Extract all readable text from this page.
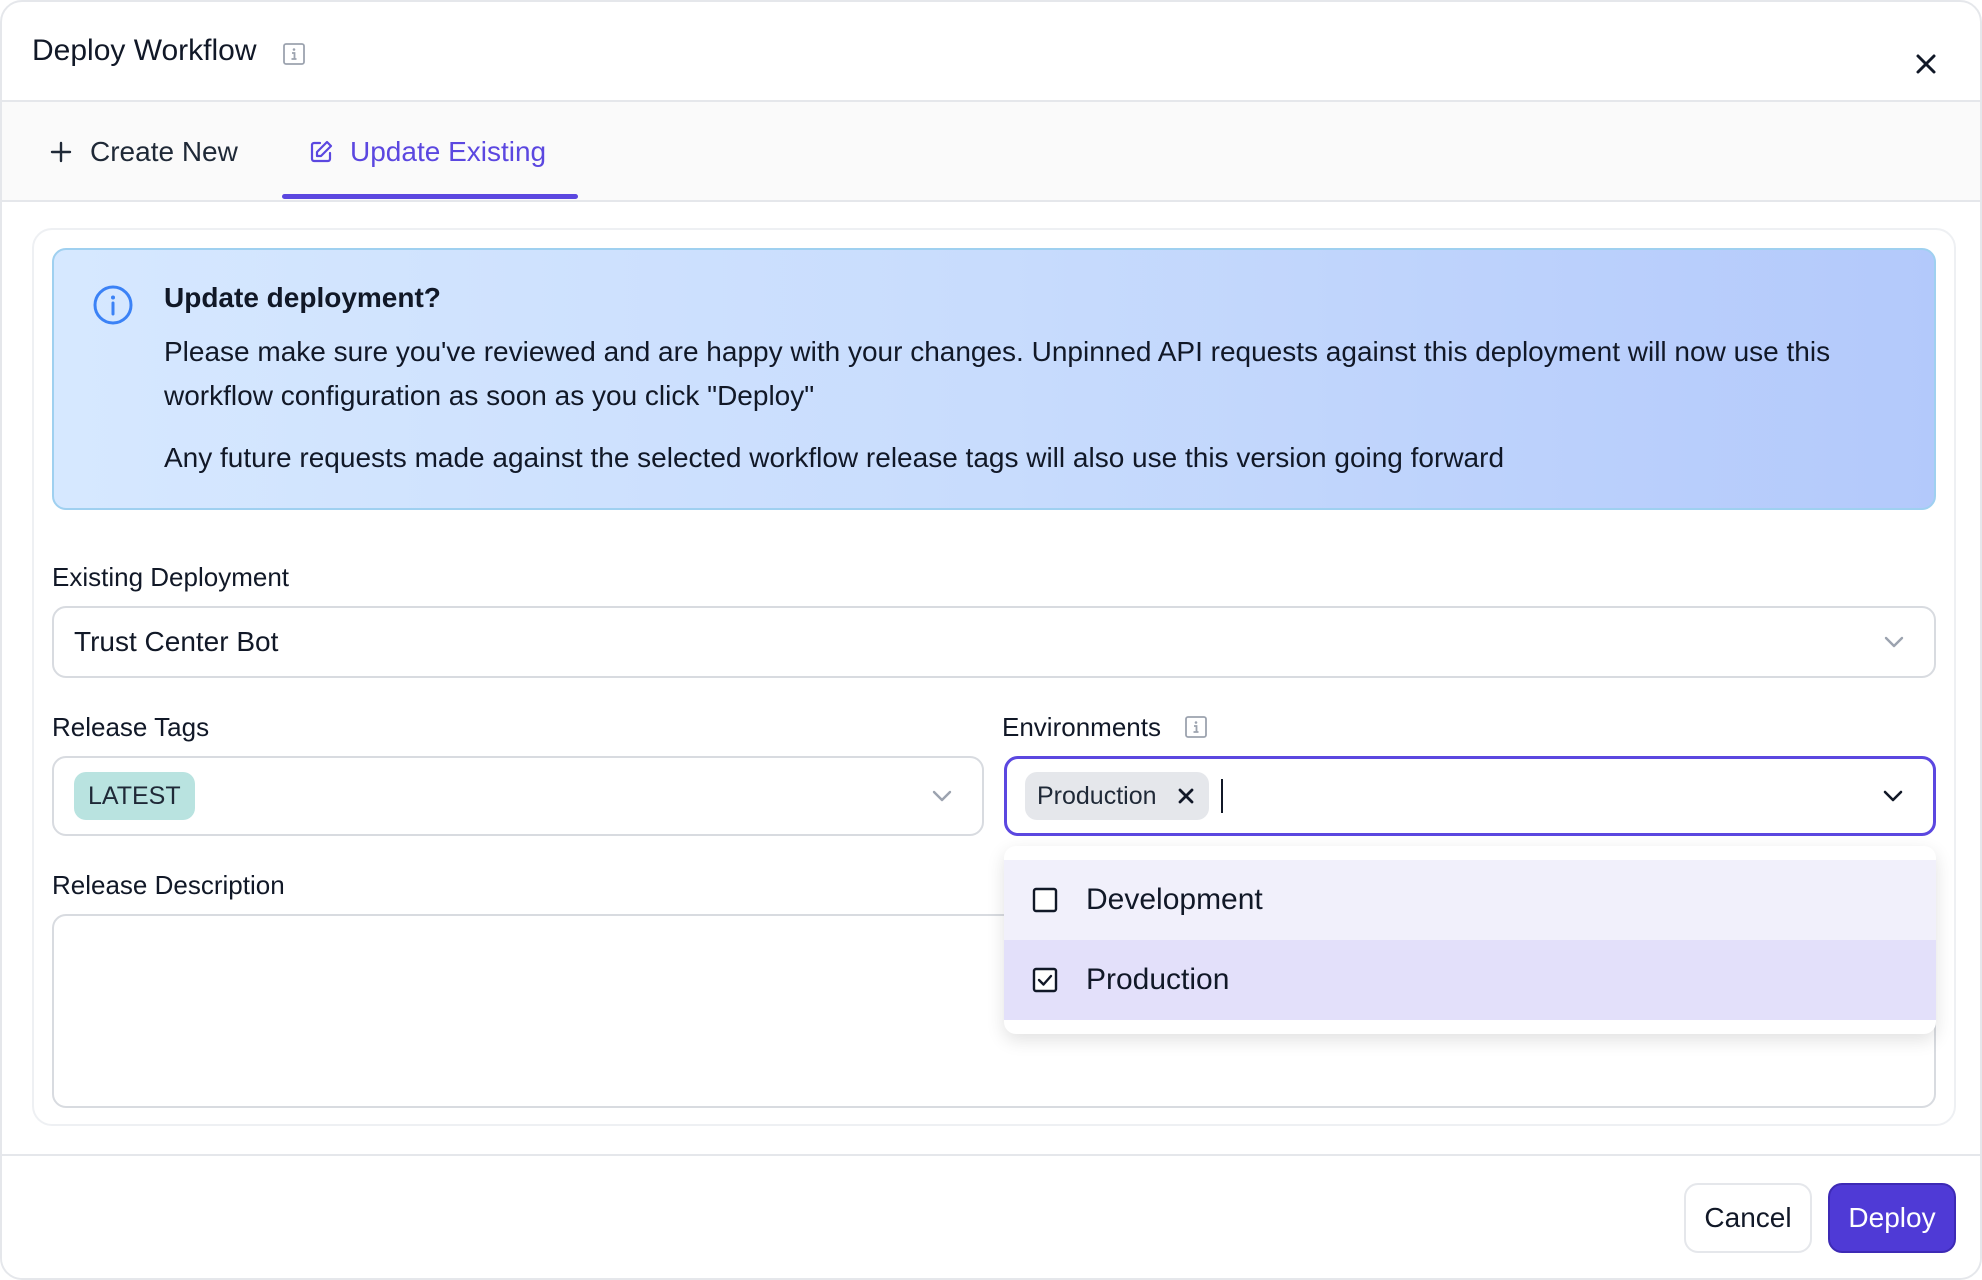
Deploy Workflow
Create New	Update Existing
Update deployment?
Please make sure you've reviewed and are happy with your changes. Unpinned API requests against this deployment will now use this workflow configuration as soon as you click "Deploy"
Any future requests made against the selected workflow release tags will also use this version going forward
Existing Deployment
Trust Center Bot
Release Tags
LATEST
Environments
Production
Release Description	Development
Production
Cancel	Deploy
